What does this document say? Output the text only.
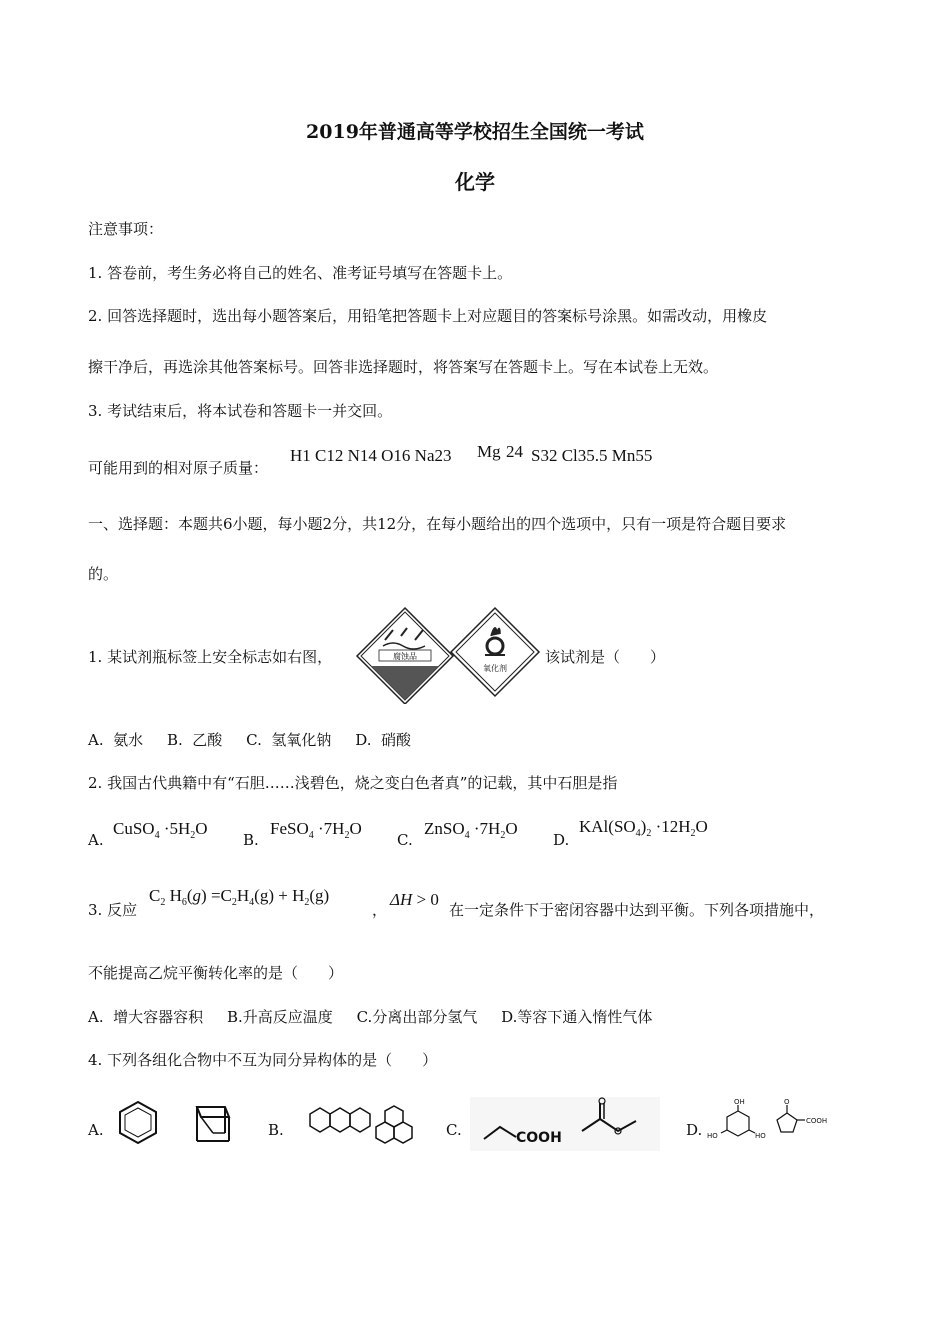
2019年普通高等学校招生全国统一考试
化学
注意事项：
1. 答卷前，考生务必将自己的姓名、准考证号填写在答题卡上。
2. 回答选择题时，选出每小题答案后，用铅笔把答题卡上对应题目的答案标号涂黑。如需改动，用橡皮
擦干净后，再选涂其他答案标号。回答非选择题时，将答案写在答题卡上。写在本试卷上无效。
3. 考试结束后，将本试卷和答题卡一并交回。
可能用到的相对原子质量：
H1 C12 N14 O16 Na23 Mg 24 S32 Cl35.5 Mn55
一、选择题：本题共6小题，每小题2分，共12分，在每小题给出的四个选项中，只有一项是符合题目要求
的。
1. 某试剂瓶标签上安全标志如右图，	腐蚀品
氧化剂
该试剂是（　　）
A.  氨水     B.  乙酸     C.  氢氧化钠     D.  硝酸
2. 我国古代典籍中有“石胆……浅碧色，烧之变白色者真”的记载，其中石胆是指
A.
CuSO$_4$ $\cdot 5H_2O$
B.
FeSO$_4$ $\cdot 7H_2O$
C.
ZnSO$_4$ $\cdot 7H_2O$
D.
$KAl(SO_4)_2 \cdot 12H_2O$
3. 反应
$C_2$ $H_6(g) =C_2H_4(g) + H_2(g)$
，
ΔH > 0
在一定条件下于密闭容器中达到平衡。下列各项措施中，
不能提高乙烷平衡转化率的是（　　）
A.  增大容器容积     B.升高反应温度     C.分离出部分氢气     D.等容下通入惰性气体
4. 下列各组化合物中不互为同分异构体的是（　　）
A.	B.	C.	COOH	D.
OH
HO	HO
O
COOH
